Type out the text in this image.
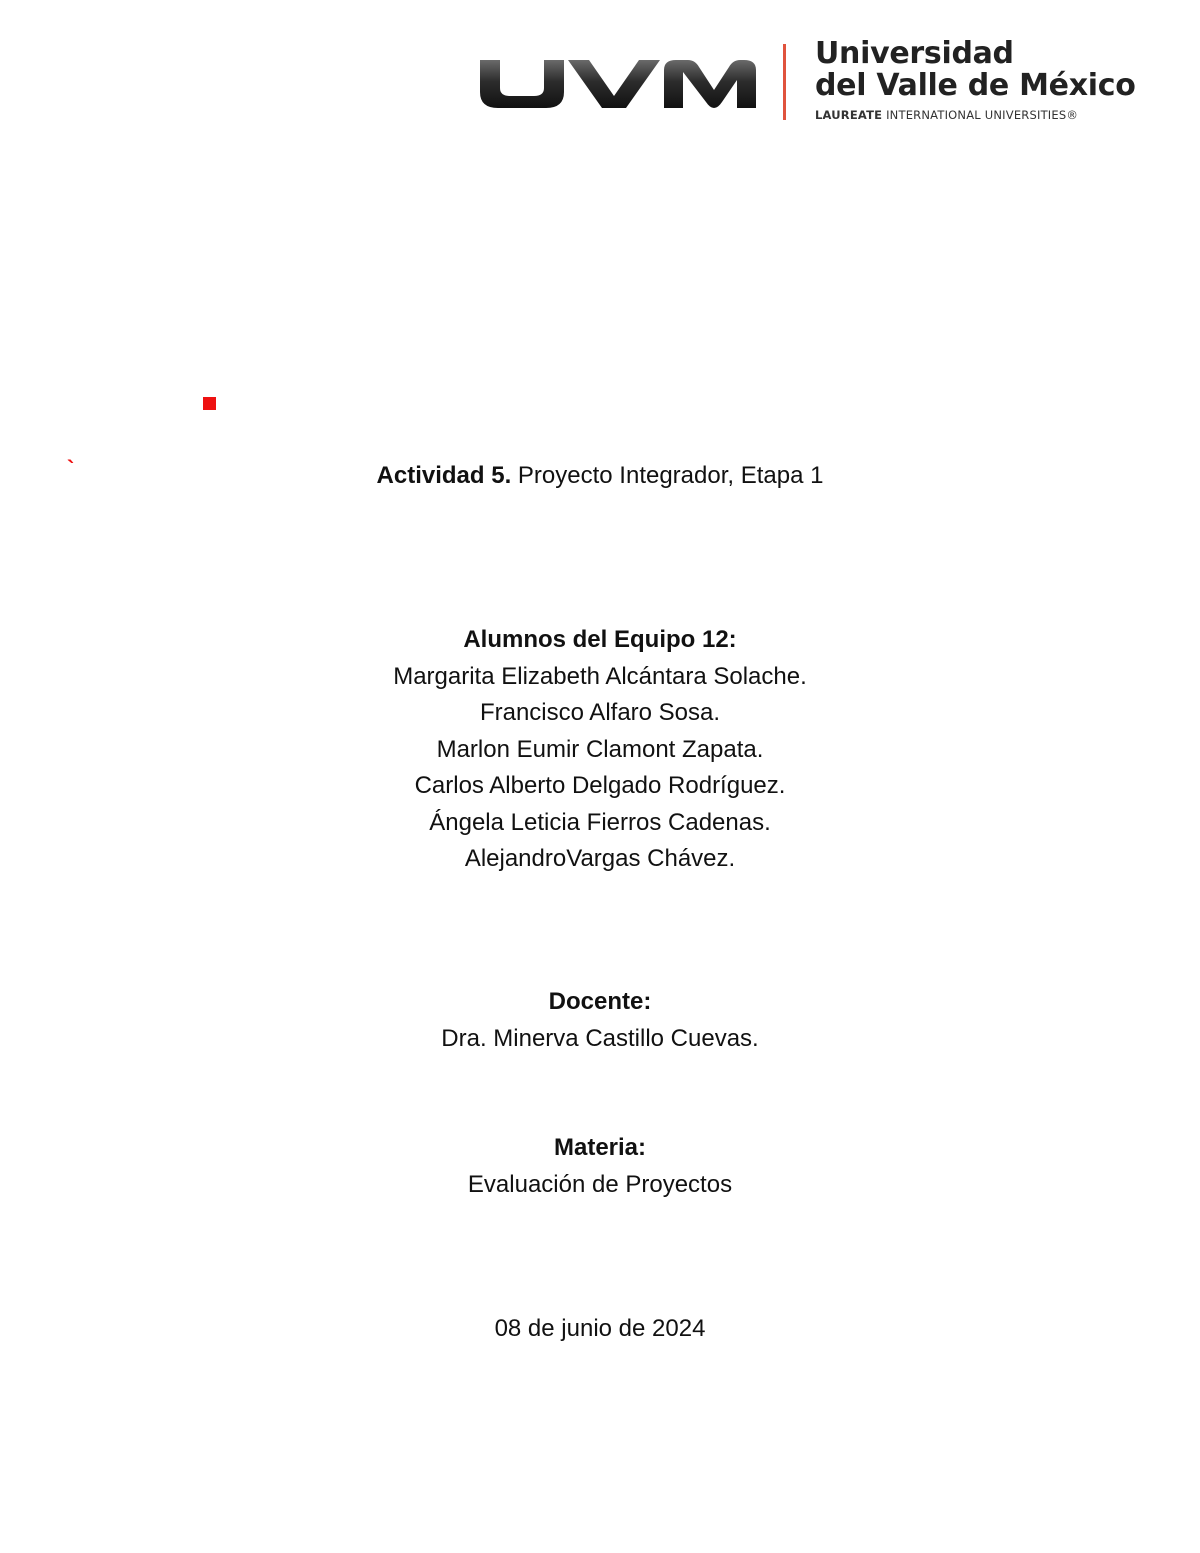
Universidad
del Valle de México
LAUREATE INTERNATIONAL UNIVERSITIES®
`	Actividad 5. Proyecto Integrador, Etapa 1
Alumnos del Equipo 12:
Margarita Elizabeth Alcántara Solache.
Francisco Alfaro Sosa.
Marlon Eumir Clamont Zapata.
Carlos Alberto Delgado Rodríguez.
Ángela Leticia Fierros Cadenas.
AlejandroVargas Chávez.
Docente:
Dra. Minerva Castillo Cuevas.
Materia:
Evaluación de Proyectos
08 de junio de 2024
